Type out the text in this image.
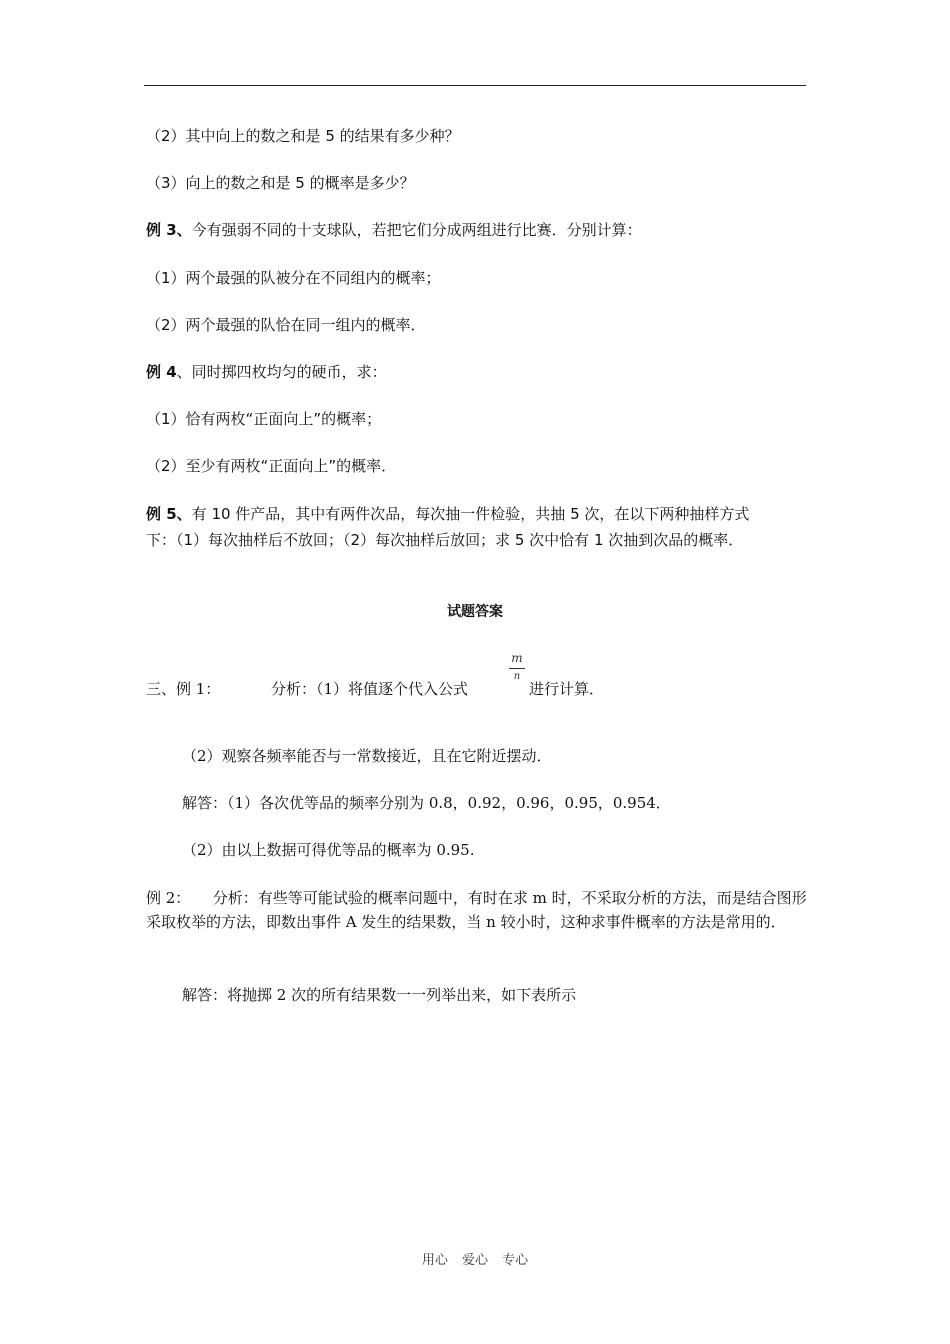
（2）其中向上的数之和是 5 的结果有多少种？
（3）向上的数之和是 5 的概率是多少？
例 3、今有强弱不同的十支球队，若把它们分成两组进行比赛．分别计算：
（1）两个最强的队被分在不同组内的概率；
（2）两个最强的队恰在同一组内的概率．
例 4、同时掷四枚均匀的硬币，求：
（1）恰有两枚“正面向上”的概率；
（2）至少有两枚“正面向上”的概率．
例 5、有 10 件产品，其中有两件次品，每次抽一件检验，共抽 5 次，在以下两种抽样方式
下：（1）每次抽样后不放回；（2）每次抽样后放回；求 5 次中恰有 1 次抽到次品的概率．
试题答案
三、例 1：	分析：（1）将值逐个代入公式
m
n
进行计算．
（2）观察各频率能否与一常数接近，且在它附近摆动．
解答：（1）各次优等品的频率分别为 0.8，0.92，0.96，0.95，0.954．
（2）由以上数据可得优等品的概率为 0.95.
例 2：　　分析：有些等可能试验的概率问题中，有时在求 m 时，不采取分析的方法，而是结合图形采取枚举的方法，即数出事件 A 发生的结果数，当 n 较小时，这种求事件概率的方法是常用的．
解答：将抛掷 2 次的所有结果数一一列举出来，如下表所示
用心 爱心 专心
